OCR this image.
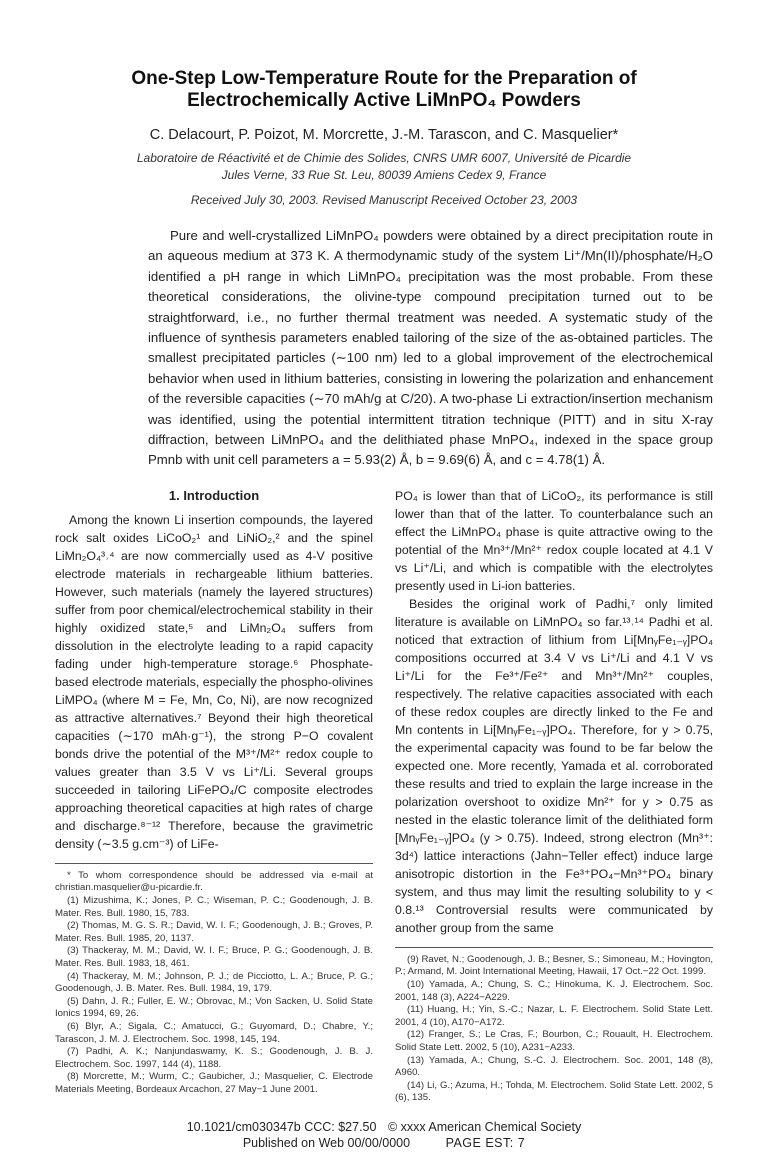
One-Step Low-Temperature Route for the Preparation of
Electrochemically Active LiMnPO₄ Powders
C. Delacourt, P. Poizot, M. Morcrette, J.-M. Tarascon, and C. Masquelier*
Laboratoire de Réactivité et de Chimie des Solides, CNRS UMR 6007, Université de Picardie
Jules Verne, 33 Rue St. Leu, 80039 Amiens Cedex 9, France
Received July 30, 2003. Revised Manuscript Received October 23, 2003
Pure and well-crystallized LiMnPO₄ powders were obtained by a direct precipitation route in an aqueous medium at 373 K. A thermodynamic study of the system Li⁺/Mn(II)/phosphate/H₂O identified a pH range in which LiMnPO₄ precipitation was the most probable. From these theoretical considerations, the olivine-type compound precipitation turned out to be straightforward, i.e., no further thermal treatment was needed. A systematic study of the influence of synthesis parameters enabled tailoring of the size of the as-obtained particles. The smallest precipitated particles (∼100 nm) led to a global improvement of the electrochemical behavior when used in lithium batteries, consisting in lowering the polarization and enhancement of the reversible capacities (∼70 mAh/g at C/20). A two-phase Li extraction/insertion mechanism was identified, using the potential intermittent titration technique (PITT) and in situ X-ray diffraction, between LiMnPO₄ and the delithiated phase MnPO₄, indexed in the space group Pmnb with unit cell parameters a = 5.93(2) Å, b = 9.69(6) Å, and c = 4.78(1) Å.
1. Introduction

Among the known Li insertion compounds, the layered rock salt oxides LiCoO₂¹ and LiNiO₂,² and the spinel LiMn₂O₄³˒⁴ are now commercially used as 4-V positive electrode materials in rechargeable lithium batteries. However, such materials (namely the layered structures) suffer from poor chemical/electrochemical stability in their highly oxidized state,⁵ and LiMn₂O₄ suffers from dissolution in the electrolyte leading to a rapid capacity fading under high-temperature storage.⁶ Phosphate-based electrode materials, especially the phospho-olivines LiMPO₄ (where M = Fe, Mn, Co, Ni), are now recognized as attractive alternatives.⁷ Beyond their high theoretical capacities (∼170 mAh·g⁻¹), the strong P−O covalent bonds drive the potential of the M³⁺/M²⁺ redox couple to values greater than 3.5 V vs Li⁺/Li. Several groups succeeded in tailoring LiFePO₄/C composite electrodes approaching theoretical capacities at high rates of charge and discharge.⁸⁻¹² Therefore, because the gravimetric density (∼3.5 g.cm⁻³) of LiFe-

* To whom correspondence should be addressed via e-mail at christian.masquelier@u-picardie.fr.
(1) Mizushima, K.; Jones, P. C.; Wiseman, P. C.; Goodenough, J. B. Mater. Res. Bull. 1980, 15, 783.
(2) Thomas, M. G. S. R.; David, W. I. F.; Goodenough, J. B.; Groves, P. Mater. Res. Bull. 1985, 20, 1137.
(3) Thackeray, M. M.; David, W. I. F.; Bruce, P. G.; Goodenough, J. B. Mater. Res. Bull. 1983, 18, 461.
(4) Thackeray, M. M.; Johnson, P. J.; de Picciotto, L. A.; Bruce, P. G.; Goodenough, J. B. Mater. Res. Bull. 1984, 19, 179.
(5) Dahn, J. R.; Fuller, E. W.; Obrovac, M.; Von Sacken, U. Solid State Ionics 1994, 69, 26.
(6) Blyr, A.; Sigala, C.; Amatucci, G.; Guyomard, D.; Chabre, Y.; Tarascon, J. M. J. Electrochem. Soc. 1998, 145, 194.
(7) Padhi, A. K.; Nanjundaswamy, K. S.; Goodenough, J. B. J. Electrochem. Soc. 1997, 144 (4), 1188.
(8) Morcrette, M.; Wurm, C.; Gaubicher, J.; Masquelier, C. Electrode Materials Meeting, Bordeaux Arcachon, 27 May−1 June 2001.

PO₄ is lower than that of LiCoO₂, its performance is still lower than that of the latter. To counterbalance such an effect the LiMnPO₄ phase is quite attractive owing to the potential of the Mn³⁺/Mn²⁺ redox couple located at 4.1 V vs Li⁺/Li, and which is compatible with the electrolytes presently used in Li-ion batteries.

Besides the original work of Padhi,⁷ only limited literature is available on LiMnPO₄ so far.¹³˒¹⁴ Padhi et al. noticed that extraction of lithium from Li[MnᵧFe₁₋ᵧ]PO₄ compositions occurred at 3.4 V vs Li⁺/Li and 4.1 V vs Li⁺/Li for the Fe³⁺/Fe²⁺ and Mn³⁺/Mn²⁺ couples, respectively. The relative capacities associated with each of these redox couples are directly linked to the Fe and Mn contents in Li[MnᵧFe₁₋ᵧ]PO₄. Therefore, for y > 0.75, the experimental capacity was found to be far below the expected one. More recently, Yamada et al. corroborated these results and tried to explain the large increase in the polarization overshoot to oxidize Mn²⁺ for y > 0.75 as nested in the elastic tolerance limit of the delithiated form [MnᵧFe₁₋ᵧ]PO₄ (y > 0.75). Indeed, strong electron (Mn³⁺: 3d⁴) lattice interactions (Jahn−Teller effect) induce large anisotropic distortion in the Fe³⁺PO₄−Mn³⁺PO₄ binary system, and thus may limit the resulting solubility to y < 0.8.¹³ Controversial results were communicated by another group from the same

(9) Ravet, N.; Goodenough, J. B.; Besner, S.; Simoneau, M.; Hovington, P.; Armand, M. Joint International Meeting, Hawaii, 17 Oct.−22 Oct. 1999.
(10) Yamada, A.; Chung, S. C.; Hinokuma, K. J. Electrochem. Soc. 2001, 148 (3), A224−A229.
(11) Huang, H.; Yin, S.-C.; Nazar, L. F. Electrochem. Solid State Lett. 2001, 4 (10), A170−A172.
(12) Franger, S.; Le Cras, F.; Bourbon, C.; Rouault, H. Electrochem. Solid State Lett. 2002, 5 (10), A231−A233.
(13) Yamada, A.; Chung, S.-C. J. Electrochem. Soc. 2001, 148 (8), A960.
(14) Li, G.; Azuma, H.; Tohda, M. Electrochem. Solid State Lett. 2002, 5 (6), 135.
10.1021/cm030347b CCC: $27.50 © xxxx American Chemical Society
Published on Web 00/00/0000	PAGE EST: 7
